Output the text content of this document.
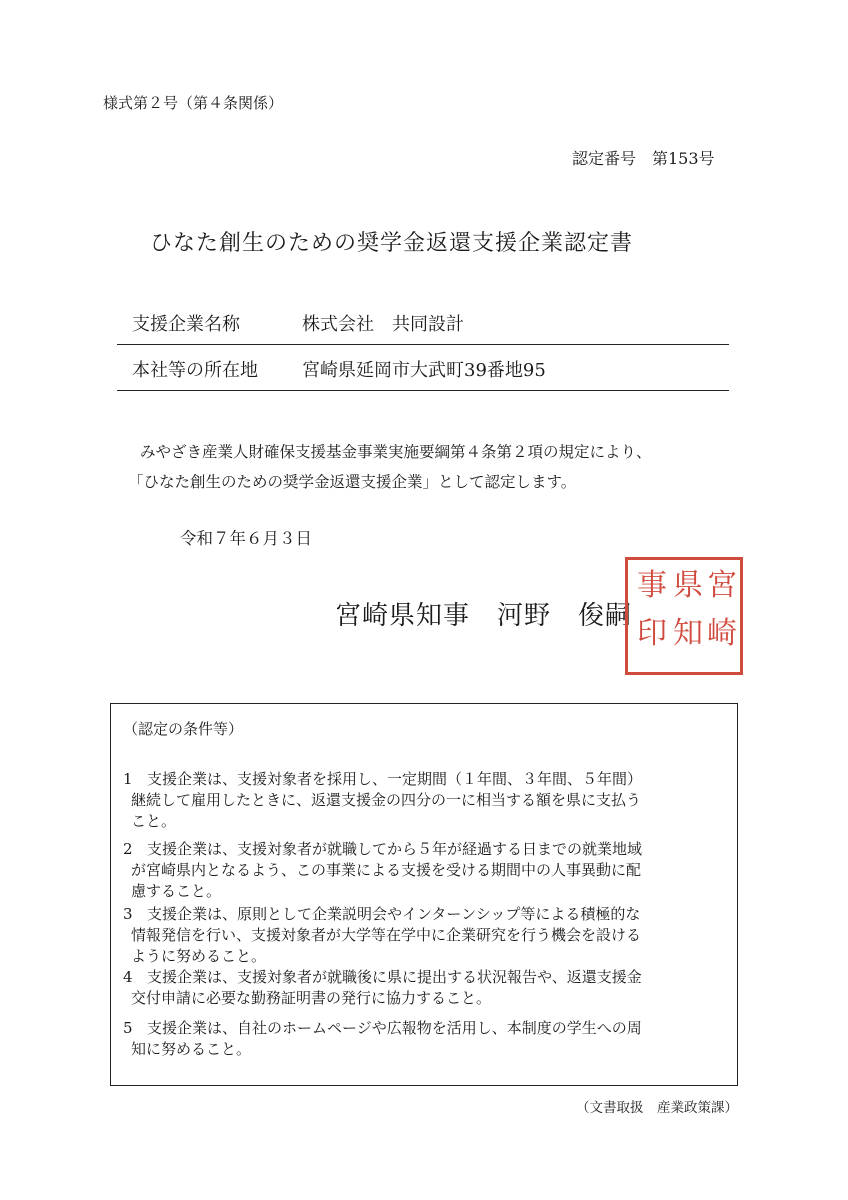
様式第２号（第４条関係）
認定番号　第153号
ひなた創生のための奨学金返還支援企業認定書
支援企業名称	株式会社　共同設計
本社等の所在地 宮崎県延岡市大武町39番地95
みやざき産業人財確保支援基金事業実施要綱第４条第２項の規定により、
「ひなた創生のための奨学金返還支援企業」として認定します。
令和７年６月３日
宮崎県知事　河野　俊嗣
宮
崎
県
知
事
印
（認定の条件等）
1 支援企業は、支援対象者を採用し、一定期間（１年間、３年間、５年間）
継続して雇用したときに、返還支援金の四分の一に相当する額を県に支払う
こと。
2 支援企業は、支援対象者が就職してから５年が経過する日までの就業地域
が宮崎県内となるよう、この事業による支援を受ける期間中の人事異動に配
慮すること。
3 支援企業は、原則として企業説明会やインターンシップ等による積極的な
情報発信を行い、支援対象者が大学等在学中に企業研究を行う機会を設ける
ように努めること。
4 支援企業は、支援対象者が就職後に県に提出する状況報告や、返還支援金
交付申請に必要な勤務証明書の発行に協力すること。
5 支援企業は、自社のホームページや広報物を活用し、本制度の学生への周
知に努めること。
（文書取扱　産業政策課）
